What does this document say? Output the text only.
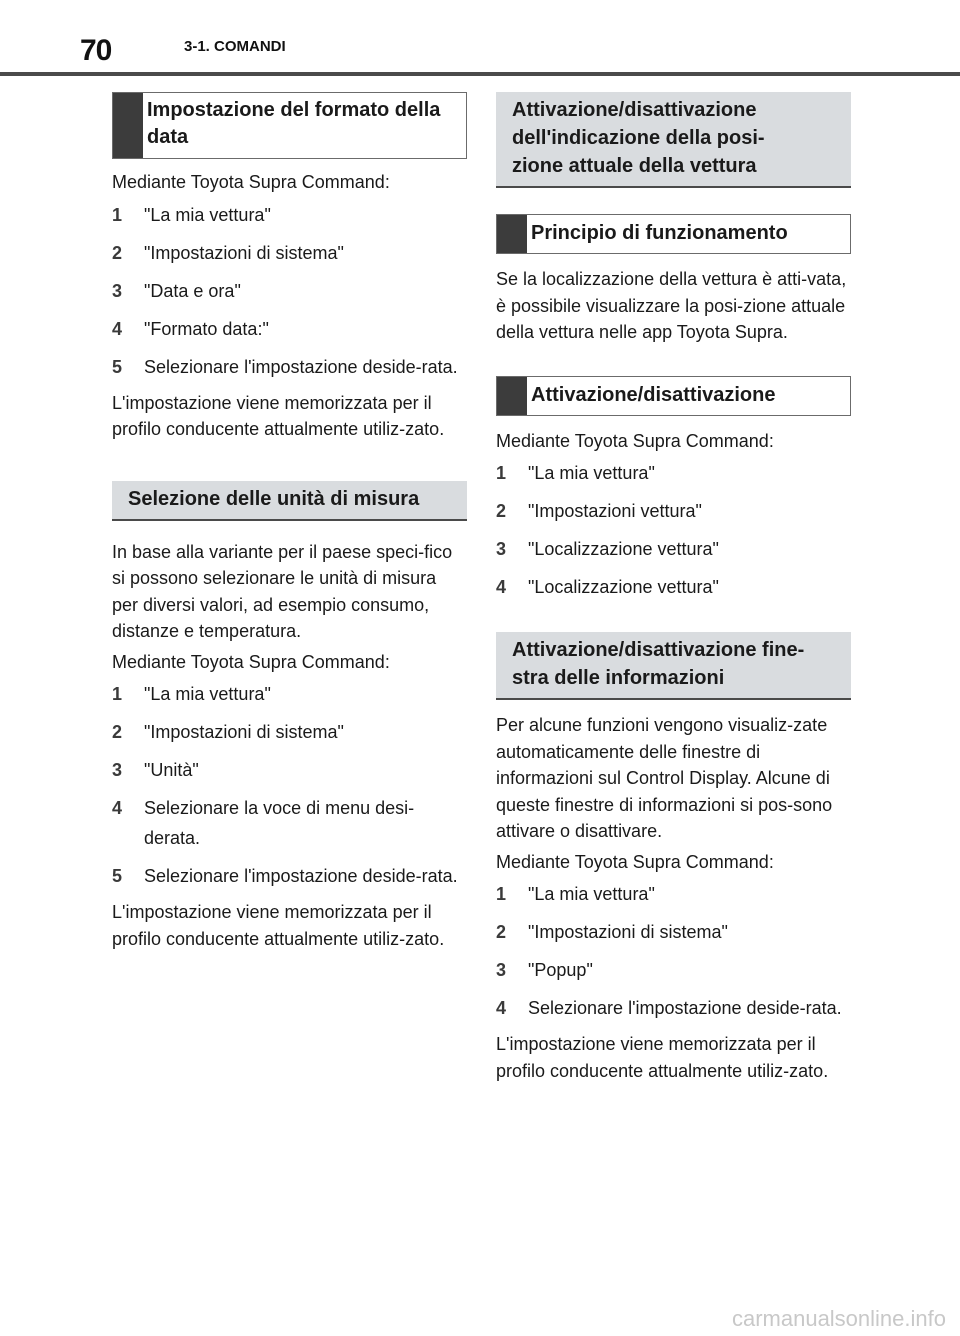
70	3-1. COMANDI
Impostazione del formato della data

Mediante Toyota Supra Command:

1 "La mia vettura"
2 "Impostazioni di sistema"
3 "Data e ora"
4 "Formato data:"
5 Selezionare l'impostazione deside-rata.

L'impostazione viene memorizzata per il profilo conducente attualmente utiliz-zato.

Selezione delle unità di misura

In base alla variante per il paese speci-fico si possono selezionare le unità di misura per diversi valori, ad esempio consumo, distanze e temperatura.

Mediante Toyota Supra Command:

1 "La mia vettura"
2 "Impostazioni di sistema"
3 "Unità"
4 Selezionare la voce di menu desi-derata.
5 Selezionare l'impostazione deside-rata.

L'impostazione viene memorizzata per il profilo conducente attualmente utiliz-zato.

Attivazione/disattivazione dell'indicazione della posi-zione attuale della vettura
Principio di funzionamento

Se la localizzazione della vettura è atti-vata, è possibile visualizzare la posi-zione attuale della vettura nelle app Toyota Supra.

Attivazione/disattivazione

Mediante Toyota Supra Command:

1 "La mia vettura"
2 "Impostazioni vettura"
3 "Localizzazione vettura"
4 "Localizzazione vettura"
Attivazione/disattivazione fine-stra delle informazioni

Per alcune funzioni vengono visualiz-zate automaticamente delle finestre di informazioni sul Control Display. Alcune di queste finestre di informazioni si pos-sono attivare o disattivare.

Mediante Toyota Supra Command:

1 "La mia vettura"
2 "Impostazioni di sistema"
3 "Popup"
4 Selezionare l'impostazione deside-rata.

L'impostazione viene memorizzata per il profilo conducente attualmente utiliz-zato.

carmanualsonline.info
